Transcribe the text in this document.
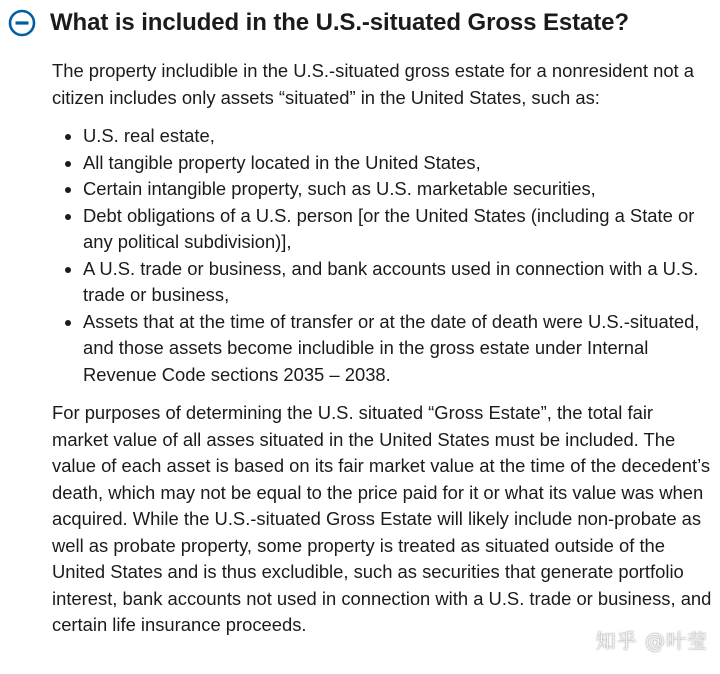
What is included in the U.S.-situated Gross Estate?

The property includible in the U.S.-situated gross estate for a nonresident not a citizen includes only assets “situated” in the United States, such as:

• U.S. real estate,
• All tangible property located in the United States,
• Certain intangible property, such as U.S. marketable securities,
• Debt obligations of a U.S. person [or the United States (including a State or any political subdivision)],
• A U.S. trade or business, and bank accounts used in connection with a U.S. trade or business,
• Assets that at the time of transfer or at the date of death were U.S.-situated, and those assets become includible in the gross estate under Internal Revenue Code sections 2035 – 2038.

For purposes of determining the U.S. situated “Gross Estate”, the total fair market value of all asses situated in the United States must be included. The value of each asset is based on its fair market value at the time of the decedent’s death, which may not be equal to the price paid for it or what its value was when acquired. While the U.S.-situated Gross Estate will likely include non-probate as well as probate property, some property is treated as situated outside of the United States and is thus excludible, such as securities that generate portfolio interest, bank accounts not used in connection with a U.S. trade or business, and certain life insurance proceeds.

知乎 @叶莹
